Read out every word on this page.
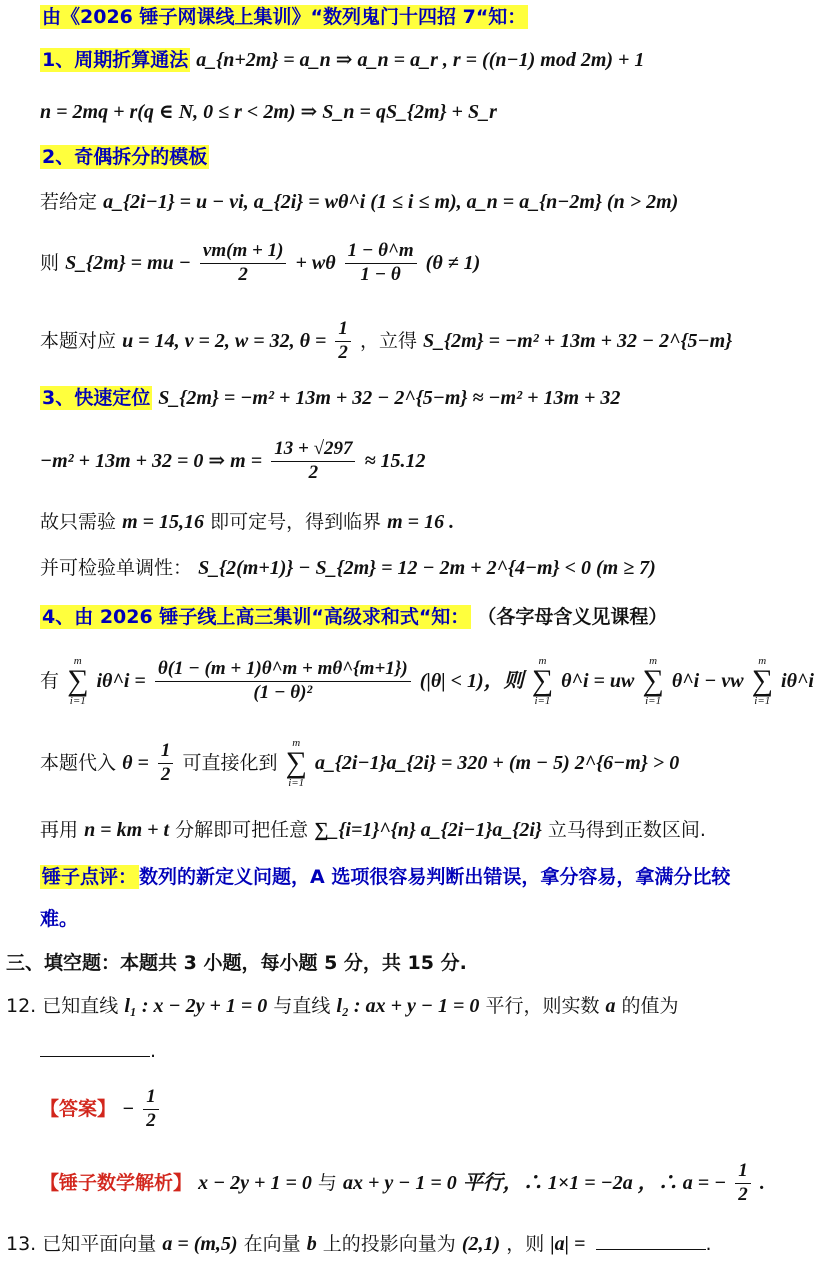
由《2026 锤子网课线上集训》“数列鬼门十四招 7“知：
1、周期折算通法 a_{n+2m} = a_n ⇒ a_n = a_r , r = ((n−1) mod 2m) + 1
n = 2mq + r(q ∈ N, 0 ≤ r < 2m) ⇒ S_n = qS_{2m} + S_r
2、奇偶拆分的模板
若给定 a_{2i−1} = u − vi, a_{2i} = wθ^i (1 ≤ i ≤ m), a_n = a_{n−2m} (n > 2m)
则 S_{2m} = mu − $\frac{vm(m + 1)}{2} + w\theta \frac{1 - \theta\^{}m}{1 - \theta} (\theta \ne 1)$
本题对应 u = 14, v = 2, w = 32, $\theta = \frac{1}{2}$ ，立得 S_{2m} = −m² + 13m + 32 − 2^{5−m}
3、快速定位 S_{2m} = −m² + 13m + 32 − 2^{5−m} ≈ −m² + 13m + 32
−m² + 13m + 32 = 0 ⇒ $m = \frac{13 + √297}{2} \approx 15.12$
故只需验 m = 15,16 即可定号，得到临界 m = 16 .
并可检验单调性： S_{2(m+1)} − S_{2m} = 12 − 2m + 2^{4−m} < 0 (m ≥ 7)
4、由 2026 锤子线上高三集训“高级求和式“知： （各字母含义见课程）
有 m
∑
i=1 iθ^i = $\frac{\theta(1 - (m + 1)\theta\^{}m + m\theta\^{}\{m+1\})}{\text{(1 − θ)²}} (|\theta| < 1)$，则 m
∑
i=1 θ^i = uw m
∑
i=1 θ^i − vw m
∑
i=1 iθ^i
本题代入 $\theta = \frac{1}{2}$ 可直接化到 m
∑
i=1 a_{2i−1}a_{2i} = 320 + (m − 5) 2^{6−m} > 0
再用 n = km + t 分解即可把任意 ∑_{i=1}^{n} a_{2i−1}a_{2i} 立马得到正数区间.
锤子点评： 数列的新定义问题，A 选项很容易判断出错误，拿分容易，拿满分比较
难。
三、填空题：本题共 3 小题，每小题 5 分，共 15 分.
12. 已知直线 l₁ : x − 2y + 1 = 0 与直线 l₂ : ax + y − 1 = 0 平行，则实数 a 的值为
.
【答案】 − $\frac{1}{2}$
【锤子数学解析】 x − 2y + 1 = 0 与 ax + y − 1 = 0 平行，∴ 1×1 = −2a ，∴ a = − $\frac{1}{2}$ .
13. 已知平面向量 a = (m,5) 在向量 b 上的投影向量为 (2,1) ，则 |a| =	.
